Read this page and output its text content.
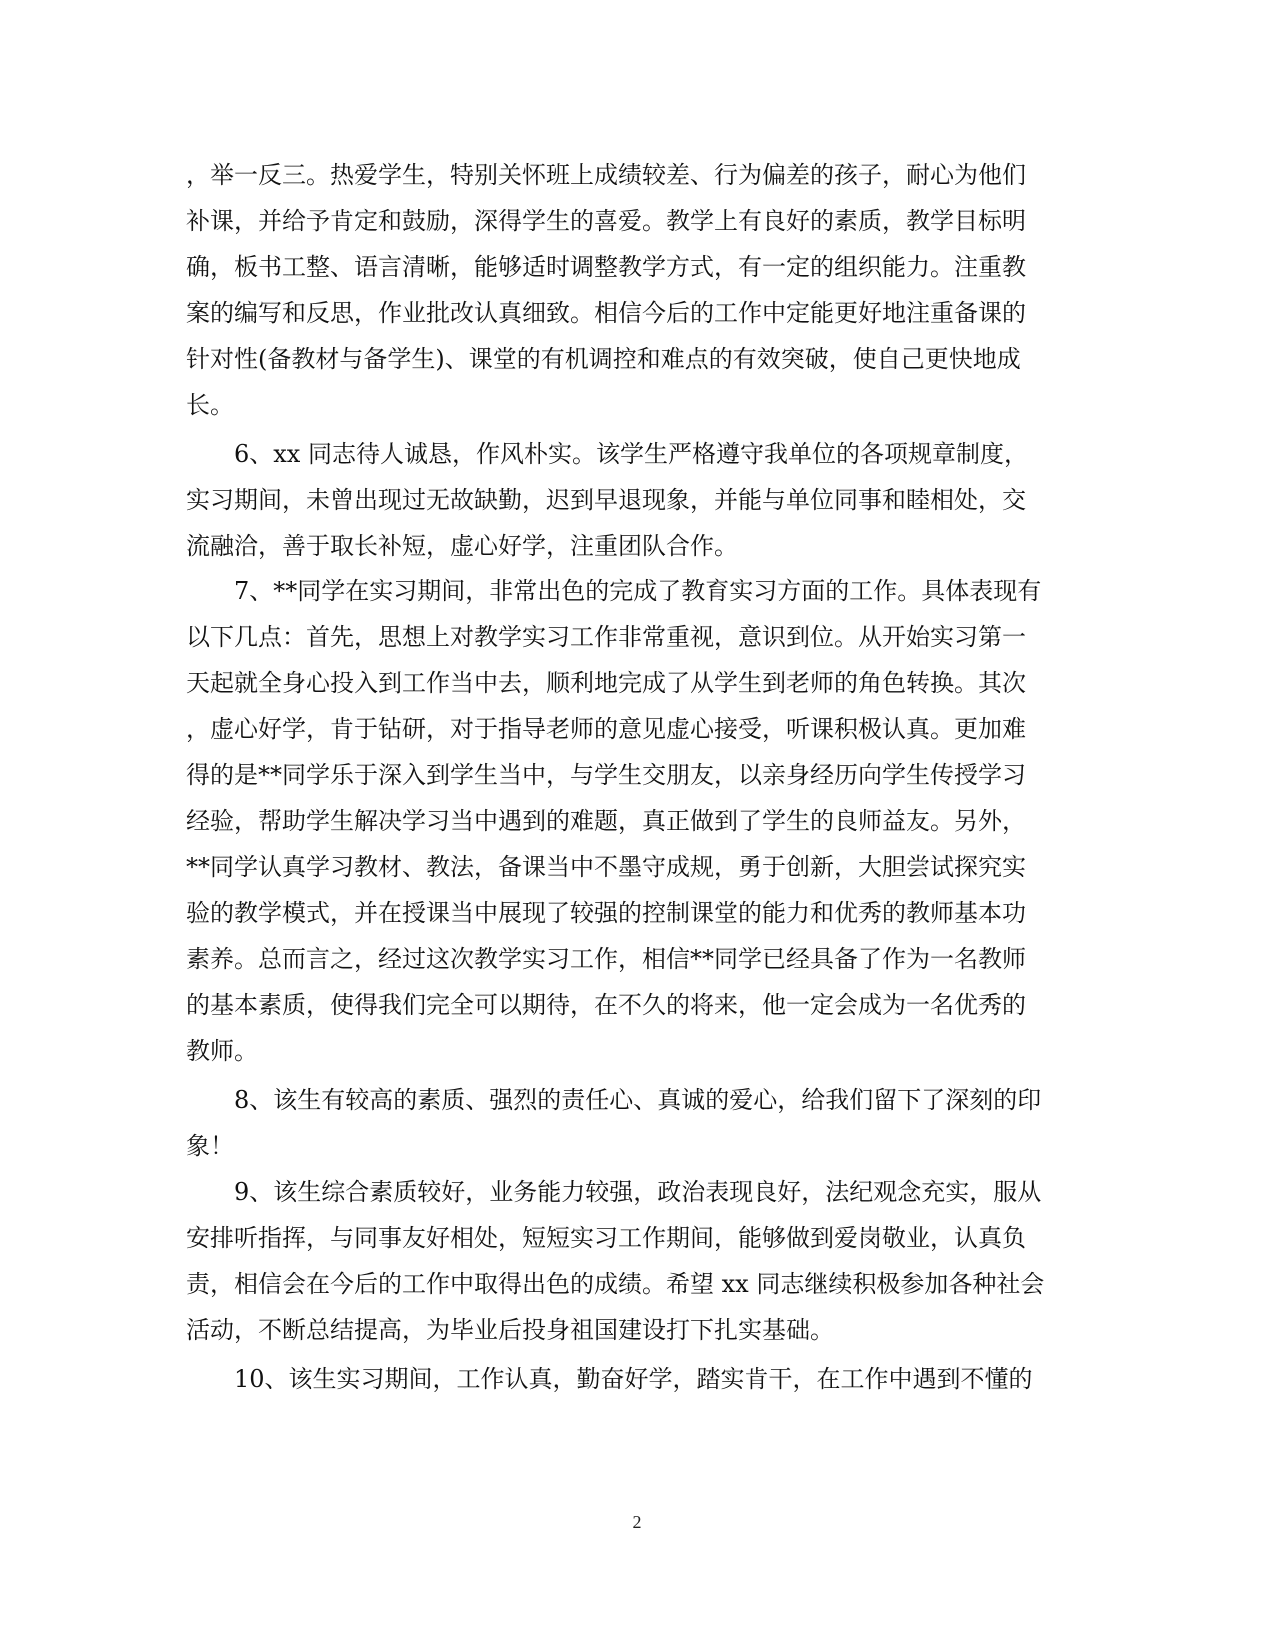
，举一反三。热爱学生，特别关怀班上成绩较差、行为偏差的孩子，耐心为他们
补课，并给予肯定和鼓励，深得学生的喜爱。教学上有良好的素质，教学目标明
确，板书工整、语言清晰，能够适时调整教学方式，有一定的组织能力。注重教
案的编写和反思，作业批改认真细致。相信今后的工作中定能更好地注重备课的
针对性(备教材与备学生)、课堂的有机调控和难点的有效突破，使自己更快地成
长。
6、xx 同志待人诚恳，作风朴实。该学生严格遵守我单位的各项规章制度，
实习期间，未曾出现过无故缺勤，迟到早退现象，并能与单位同事和睦相处，交
流融洽，善于取长补短，虚心好学，注重团队合作。
7、**同学在实习期间，非常出色的完成了教育实习方面的工作。具体表现有
以下几点：首先，思想上对教学实习工作非常重视，意识到位。从开始实习第一
天起就全身心投入到工作当中去，顺利地完成了从学生到老师的角色转换。其次
，虚心好学，肯于钻研，对于指导老师的意见虚心接受，听课积极认真。更加难
得的是**同学乐于深入到学生当中，与学生交朋友，以亲身经历向学生传授学习
经验，帮助学生解决学习当中遇到的难题，真正做到了学生的良师益友。另外，
**同学认真学习教材、教法，备课当中不墨守成规，勇于创新，大胆尝试探究实
验的教学模式，并在授课当中展现了较强的控制课堂的能力和优秀的教师基本功
素养。总而言之，经过这次教学实习工作，相信**同学已经具备了作为一名教师
的基本素质，使得我们完全可以期待，在不久的将来，他一定会成为一名优秀的
教师。
8、该生有较高的素质、强烈的责任心、真诚的爱心，给我们留下了深刻的印
象！
9、该生综合素质较好，业务能力较强，政治表现良好，法纪观念充实，服从
安排听指挥，与同事友好相处，短短实习工作期间，能够做到爱岗敬业，认真负
责，相信会在今后的工作中取得出色的成绩。希望 xx 同志继续积极参加各种社会
活动，不断总结提高，为毕业后投身祖国建设打下扎实基础。
10、该生实习期间，工作认真，勤奋好学，踏实肯干，在工作中遇到不懂的
2
